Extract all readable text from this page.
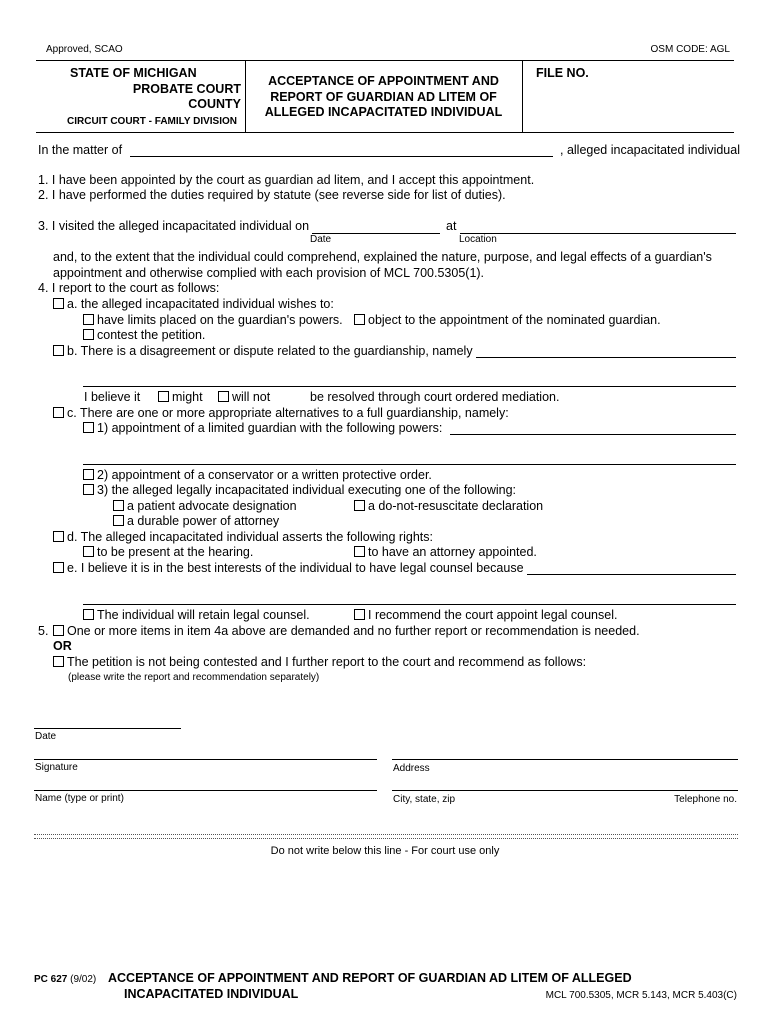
Approved, SCAO	OSM CODE: AGL
STATE OF MICHIGAN
PROBATE COURT
COUNTY
CIRCUIT COURT - FAMILY DIVISION
ACCEPTANCE OF APPOINTMENT AND
REPORT OF GUARDIAN AD LITEM OF
ALLEGED INCAPACITATED INDIVIDUAL
FILE NO.
In the matter of	, alleged incapacitated individual
1. I have been appointed by the court as guardian ad litem, and I accept this appointment.
2. I have performed the duties required by statute (see reverse side for list of duties).
3. I visited the alleged incapacitated individual on	at
Date	Location
and, to the extent that the individual could comprehend, explained the nature, purpose, and legal effects of a guardian's
appointment and otherwise complied with each provision of MCL 700.5305(1).
4. I report to the court as follows:
a. the alleged incapacitated individual wishes to:
have limits placed on the guardian's powers.	object to the appointment of the nominated guardian.
contest the petition.
b. There is a disagreement or dispute related to the guardianship, namely
I believe it	might	will not	be resolved through court ordered mediation.
c. There are one or more appropriate alternatives to a full guardianship, namely:
1) appointment of a limited guardian with the following powers:
2) appointment of a conservator or a written protective order.
3) the alleged legally incapacitated individual executing one of the following:
a patient advocate designation	a do-not-resuscitate declaration
a durable power of attorney
d. The alleged incapacitated individual asserts the following rights:
to be present at the hearing.	to have an attorney appointed.
e. I believe it is in the best interests of the individual to have legal counsel because
The individual will retain legal counsel.	I recommend the court appoint legal counsel.
5.	One or more items in item 4a above are demanded and no further report or recommendation is needed.
OR
The petition is not being contested and I further report to the court and recommend as follows:
(please write the report and recommendation separately)
Date
Signature	Address
Name (type or print)	City, state, zip	Telephone no.
Do not write below this line - For court use only
PC 627 (9/02) ACCEPTANCE OF APPOINTMENT AND REPORT OF GUARDIAN AD LITEM OF ALLEGED
INCAPACITATED INDIVIDUAL	MCL 700.5305, MCR 5.143, MCR 5.403(C)
